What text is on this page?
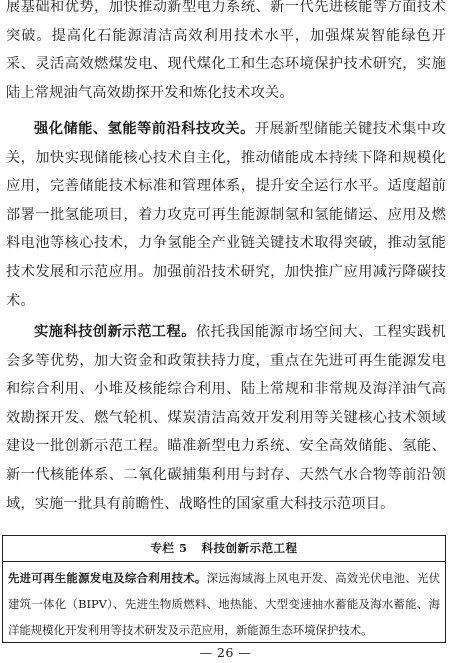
展基础和优势，加快推动新型电力系统、新一代先进核能等方面技术突破。提高化石能源清洁高效利用技术水平，加强煤炭智能绿色开采、灵活高效燃煤发电、现代煤化工和生态环境保护技术研究，实施陆上常规油气高效勘探开发和炼化技术攻关。

强化储能、氢能等前沿科技攻关。开展新型储能关键技术集中攻关，加快实现储能核心技术自主化，推动储能成本持续下降和规模化应用，完善储能技术标准和管理体系，提升安全运行水平。适度超前部署一批氢能项目，着力攻克可再生能源制氢和氢能储运、应用及燃料电池等核心技术，力争氢能全产业链关键技术取得突破，推动氢能技术发展和示范应用。加强前沿技术研究，加快推广应用减污降碳技术。

实施科技创新示范工程。依托我国能源市场空间大、工程实践机会多等优势，加大资金和政策扶持力度，重点在先进可再生能源发电和综合利用、小堆及核能综合利用、陆上常规和非常规及海洋油气高效勘探开发、燃气轮机、煤炭清洁高效开发利用等关键核心技术领域建设一批创新示范工程。瞄准新型电力系统、安全高效储能、氢能、新一代核能体系、二氧化碳捕集利用与封存、天然气水合物等前沿领域，实施一批具有前瞻性、战略性的国家重大科技示范项目。

专栏 5 科技创新示范工程
先进可再生能源发电及综合利用技术。深远海域海上风电开发、高效光伏电池、光伏建筑一体化（BIPV）、先进生物质燃料、地热能、大型变速抽水蓄能及海水蓄能、海洋能规模化开发利用等技术研发及示范应用，新能源生态环境保护技术。
— 26 —
